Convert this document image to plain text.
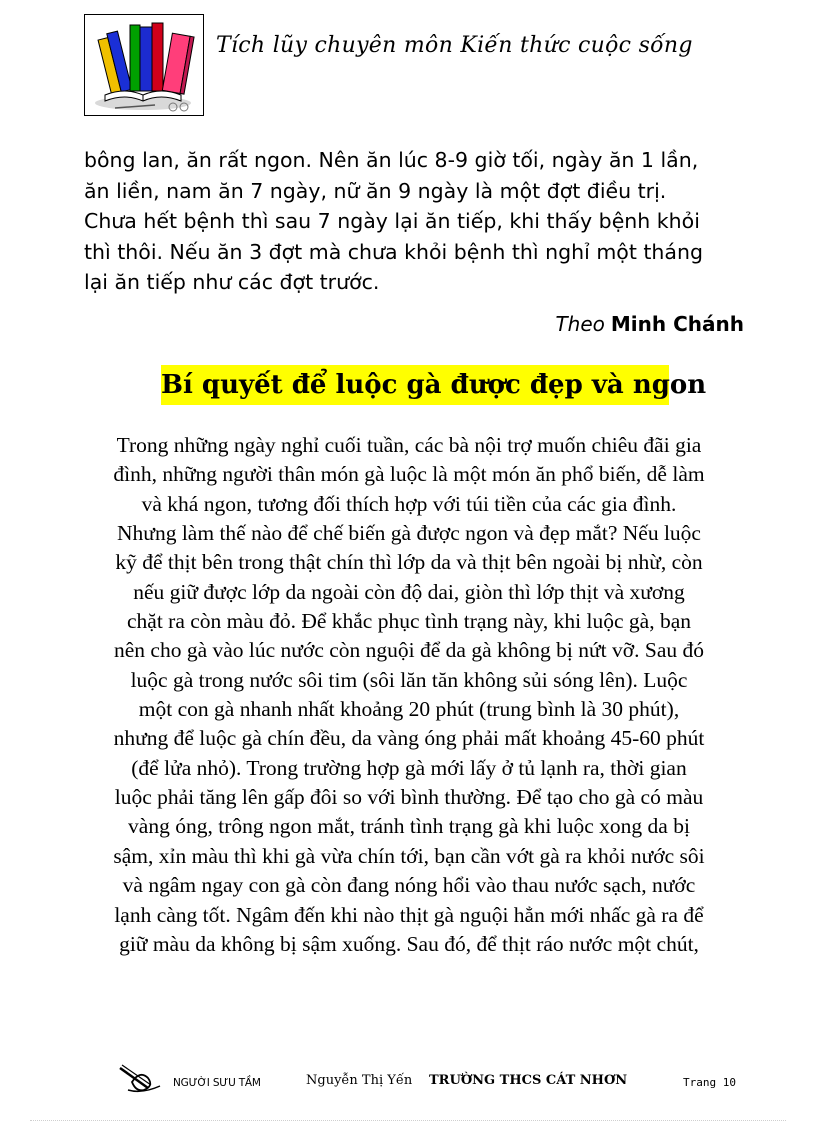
Tích lũy chuyên môn Kiến thức cuộc sống
bông lan, ăn rất ngon. Nên ăn lúc 8-9 giờ tối, ngày ăn 1 lần,
ăn liền, nam ăn 7 ngày, nữ ăn 9 ngày là một đợt điều trị.
Chưa hết bệnh thì sau 7 ngày lại ăn tiếp, khi thấy bệnh khỏi
thì thôi. Nếu ăn 3 đợt mà chưa khỏi bệnh thì nghỉ một tháng
lại ăn tiếp như các đợt trước.
Theo Minh Chánh
Bí quyết để luộc gà được đẹp và ngon
Trong những ngày nghỉ cuối tuần, các bà nội trợ muốn chiêu đãi gia
đình, những người thân món gà luộc là một món ăn phổ biến, dễ làm
và khá ngon, tương đối thích hợp với túi tiền của các gia đình.
Nhưng làm thế nào để chế biến gà được ngon và đẹp mắt? Nếu luộc
kỹ để thịt bên trong thật chín thì lớp da và thịt bên ngoài bị nhừ, còn
nếu giữ được lớp da ngoài còn độ dai, giòn thì lớp thịt và xương
chặt ra còn màu đỏ. Để khắc phục tình trạng này, khi luộc gà, bạn
nên cho gà vào lúc nước còn nguội để da gà không bị nứt vỡ. Sau đó
luộc gà trong nước sôi tim (sôi lăn tăn không sủi sóng lên). Luộc
một con gà nhanh nhất khoảng 20 phút (trung bình là 30 phút),
nhưng để luộc gà chín đều, da vàng óng phải mất khoảng 45-60 phút
(để lửa nhỏ). Trong trường hợp gà mới lấy ở tủ lạnh ra, thời gian
luộc phải tăng lên gấp đôi so với bình thường. Để tạo cho gà có màu
vàng óng, trông ngon mắt, tránh tình trạng gà khi luộc xong da bị
sậm, xỉn màu thì khi gà vừa chín tới, bạn cần vớt gà ra khỏi nước sôi
và ngâm ngay con gà còn đang nóng hổi vào thau nước sạch, nước
lạnh càng tốt. Ngâm đến khi nào thịt gà nguội hẳn mới nhấc gà ra để
giữ màu da không bị sậm xuống. Sau đó, để thịt ráo nước một chút,
NGƯỜI SƯU TẦM	Nguyễn Thị Yến TRƯỜNG THCS CÁT NHƠN	Trang 10
